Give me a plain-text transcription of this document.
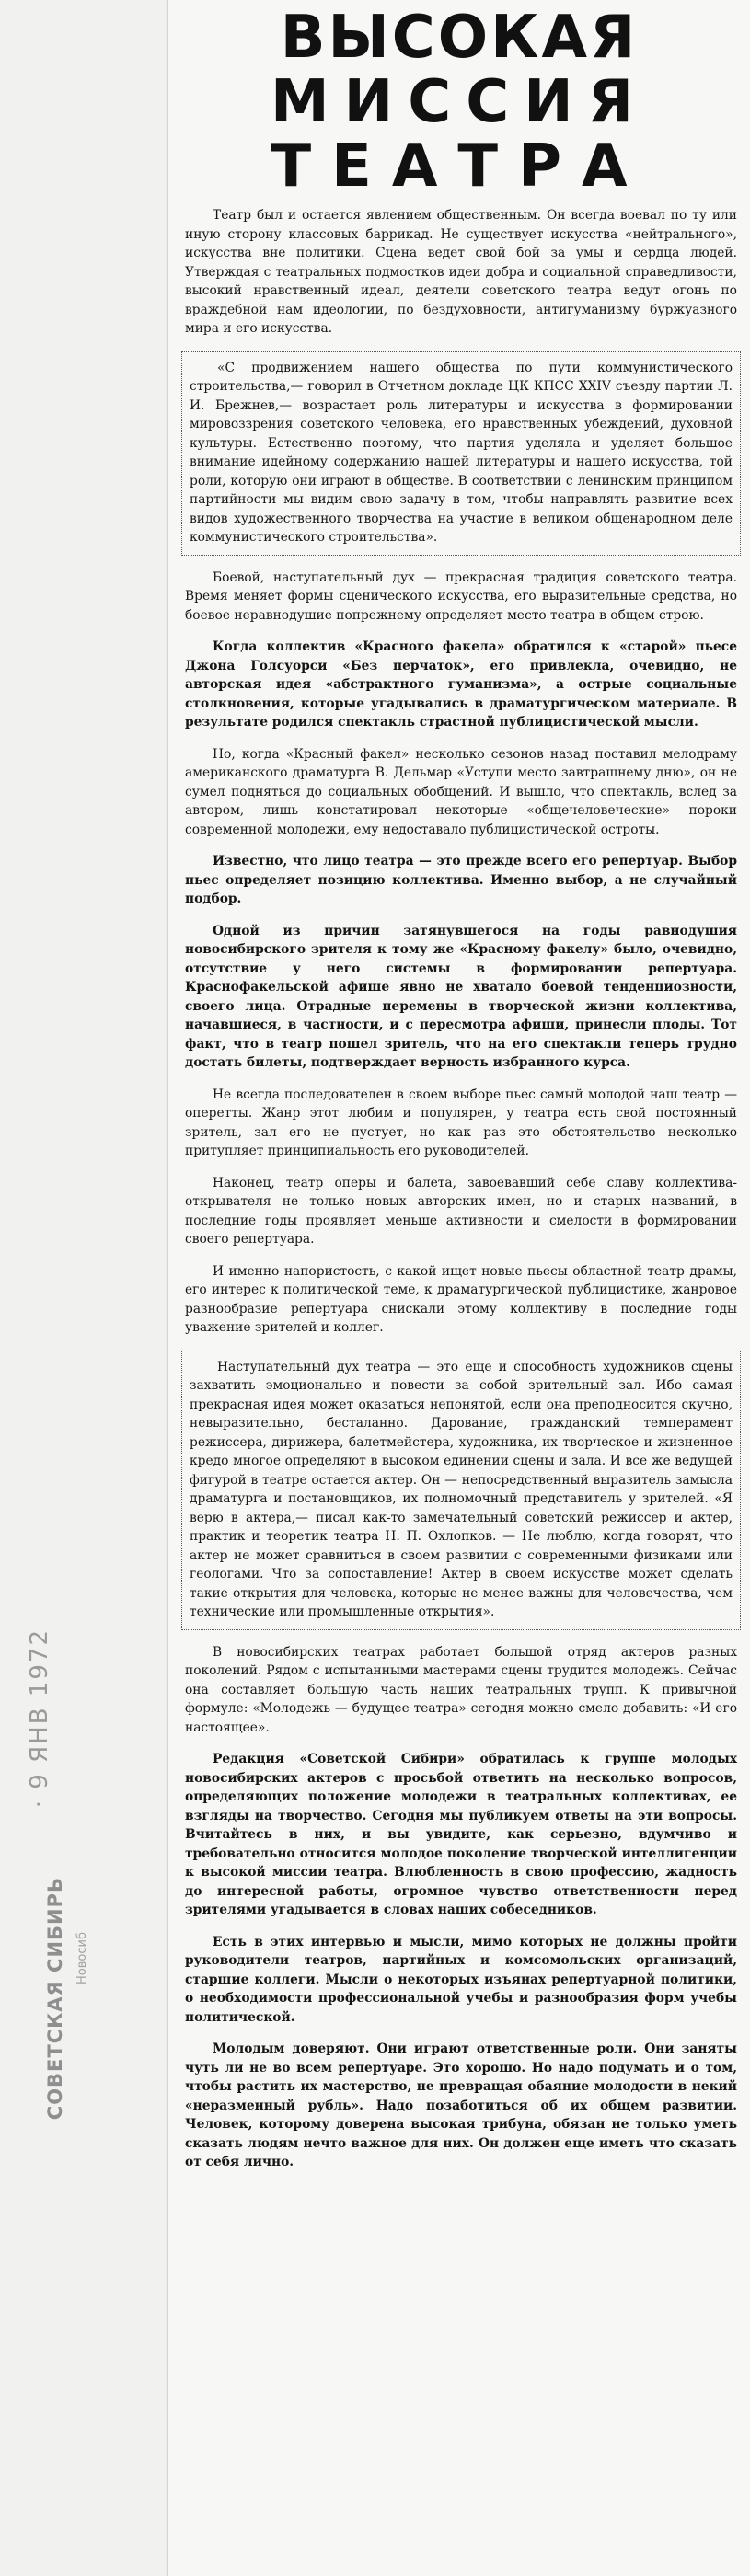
· 9 ЯНВ 1972
СОВЕТСКАЯ СИБИРЬ Новосиб
ВЫСОКАЯ
МИССИЯ
ТЕАТРА

Театр был и остается явлением общественным. Он всегда воевал по ту или иную сторону классовых баррикад. Не существует искусства «нейтрального», искусства вне политики. Сцена ведет свой бой за умы и сердца людей. Утверждая с театральных подмостков идеи добра и социальной справедливости, высокий нравственный идеал, деятели советского театра ведут огонь по враждебной нам идеологии, по бездуховности, антигуманизму буржуазного мира и его искусства.

«С продвижением нашего общества по пути коммунистического строительства,— говорил в Отчетном докладе ЦК КПСС XXIV съезду партии Л. И. Брежнев,— возрастает роль литературы и искусства в формировании мировоззрения советского человека, его нравственных убеждений, духовной культуры. Естественно поэтому, что партия уделяла и уделяет большое внимание идейному содержанию нашей литературы и нашего искусства, той роли, которую они играют в обществе. В соответствии с ленинским принципом партийности мы видим свою задачу в том, чтобы направлять развитие всех видов художественного творчества на участие в великом общенародном деле коммунистического строительства».

Боевой, наступательный дух — прекрасная традиция советского театра. Время меняет формы сценического искусства, его выразительные средства, но боевое неравнодушие попрежнему определяет место театра в общем строю.

Когда коллектив «Красного факела» обратился к «старой» пьесе Джона Голсуорси «Без перчаток», его привлекла, очевидно, не авторская идея «абстрактного гуманизма», а острые социальные столкновения, которые угадывались в драматургическом материале. В результате родился спектакль страстной публицистической мысли.

Но, когда «Красный факел» несколько сезонов назад поставил мелодраму американского драматурга В. Дельмар «Уступи место завтрашнему дню», он не сумел подняться до социальных обобщений. И вышло, что спектакль, вслед за автором, лишь констатировал некоторые «общечеловеческие» пороки современной молодежи, ему недоставало публицистической остроты.

Известно, что лицо театра — это прежде всего его репертуар. Выбор пьес определяет позицию коллектива. Именно выбор, а не случайный подбор.

Одной из причин затянувшегося на годы равнодушия новосибирского зрителя к тому же «Красному факелу» было, очевидно, отсутствие у него системы в формировании репертуара. Краснофакельской афише явно не хватало боевой тенденциозности, своего лица. Отрадные перемены в творческой жизни коллектива, начавшиеся, в частности, и с пересмотра афиши, принесли плоды. Тот факт, что в театр пошел зритель, что на его спектакли теперь трудно достать билеты, подтверждает верность избранного курса.

Не всегда последователен в своем выборе пьес самый молодой наш театр — оперетты. Жанр этот любим и популярен, у театра есть свой постоянный зритель, зал его не пустует, но как раз это обстоятельство несколько притупляет принципиальность его руководителей.

Наконец, театр оперы и балета, завоевавший себе славу коллектива-открывателя не только новых авторских имен, но и старых названий, в последние годы проявляет меньше активности и смелости в формировании своего репертуара.

И именно напористость, с какой ищет новые пьесы областной театр драмы, его интерес к политической теме, к драматургической публицистике, жанровое разнообразие репертуара снискали этому коллективу в последние годы уважение зрителей и коллег.

Наступательный дух театра — это еще и способность художников сцены захватить эмоционально и повести за собой зрительный зал. Ибо самая прекрасная идея может оказаться непонятой, если она преподносится скучно, невыразительно, бесталанно. Дарование, гражданский темперамент режиссера, дирижера, балетмейстера, художника, их творческое и жизненное кредо многое определяют в высоком единении сцены и зала. И все же ведущей фигурой в театре остается актер. Он — непосредственный выразитель замысла драматурга и постановщиков, их полномочный представитель у зрителей. «Я верю в актера,— писал как-то замечательный советский режиссер и актер, практик и теоретик театра Н. П. Охлопков. — Не люблю, когда говорят, что актер не может сравниться в своем развитии с современными физиками или геологами. Что за сопоставление! Актер в своем искусстве может сделать такие открытия для человека, которые не менее важны для человечества, чем технические или промышленные открытия».

В новосибирских театрах работает большой отряд актеров разных поколений. Рядом с испытанными мастерами сцены трудится молодежь. Сейчас она составляет большую часть наших театральных трупп. К привычной формуле: «Молодежь — будущее театра» сегодня можно смело добавить: «И его настоящее».

Редакция «Советской Сибири» обратилась к группе молодых новосибирских актеров с просьбой ответить на несколько вопросов, определяющих положение молодежи в театральных коллективах, ее взгляды на творчество. Сегодня мы публикуем ответы на эти вопросы. Вчитайтесь в них, и вы увидите, как серьезно, вдумчиво и требовательно относится молодое поколение творческой интеллигенции к высокой миссии театра. Влюбленность в свою профессию, жадность до интересной работы, огромное чувство ответственности перед зрителями угадывается в словах наших собеседников.

Есть в этих интервью и мысли, мимо которых не должны пройти руководители театров, партийных и комсомольских организаций, старшие коллеги. Мысли о некоторых изъянах репертуарной политики, о необходимости профессиональной учебы и разнообразия форм учебы политической.

Молодым доверяют. Они играют ответственные роли. Они заняты чуть ли не во всем репертуаре. Это хорошо. Но надо подумать и о том, чтобы растить их мастерство, не превращая обаяние молодости в некий «неразменный рубль». Надо позаботиться об их общем развитии. Человек, которому доверена высокая трибуна, обязан не только уметь сказать людям нечто важное для них. Он должен еще иметь что сказать от себя лично.
